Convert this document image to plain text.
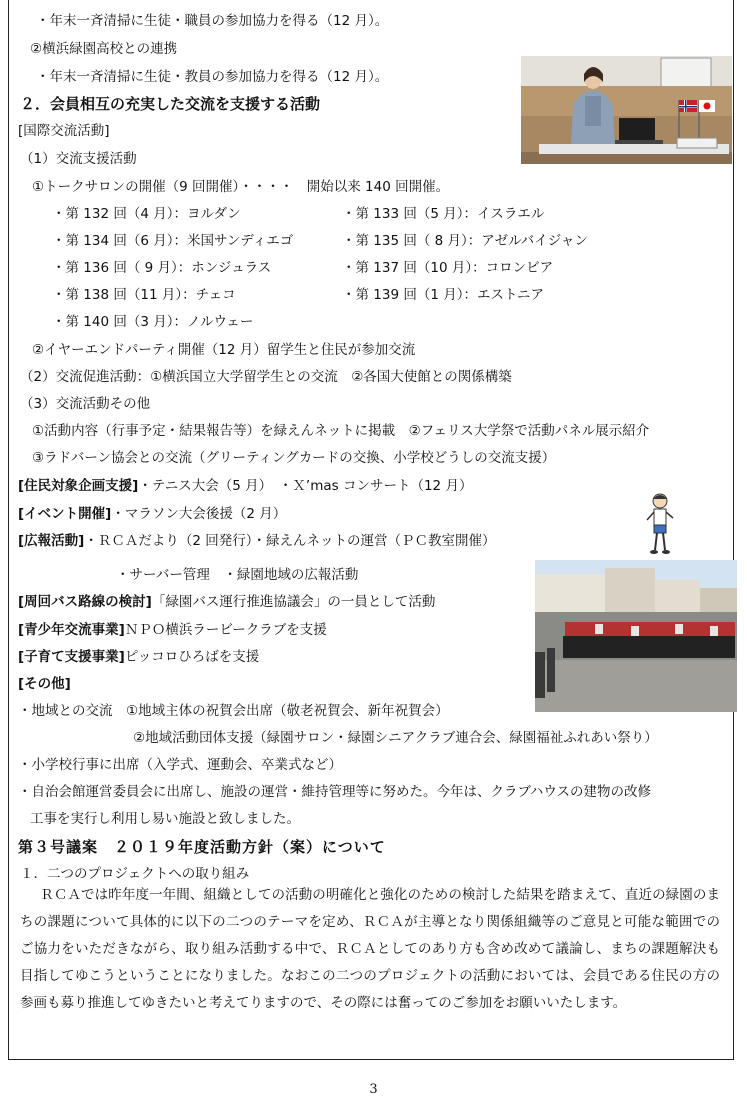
・年末一斉清掃に生徒・職員の参加協力を得る（12 月）。
②横浜緑園高校との連携
・年末一斉清掃に生徒・教員の参加協力を得る（12 月）。
２．会員相互の充実した交流を支援する活動
[国際交流活動]
（1）交流支援活動
①トークサロンの開催（9 回開催）・・・・　開始以来 140 回開催。
・第 132 回（4 月）：ヨルダン	・第 133 回（5 月）：イスラエル
・第 134 回（6 月）：米国サンディエゴ	・第 135 回（ 8 月）：アゼルバイジャン
・第 136 回（ 9 月）：ホンジュラス	・第 137 回（10 月）：コロンビア
・第 138 回（11 月）：チェコ	・第 139 回（1 月）：エストニア
・第 140 回（3 月）：ノルウェー
②イヤーエンドパーティ開催（12 月）留学生と住民が参加交流
（2）交流促進活動：①横浜国立大学留学生との交流　②各国大使館との関係構築
（3）交流活動その他
①活動内容（行事予定・結果報告等）を緑えんネットに掲載　②フェリス大学祭で活動パネル展示紹介
③ラドバーン協会との交流（グリーティングカードの交換、小学校どうしの交流支援）
[住民対象企画支援]・テニス大会（5 月）　・Ｘ’mas コンサート（12 月）
[イベント開催]・マラソン大会後援（2 月）
[広報活動]・ＲＣＡだより（2 回発行）・緑えんネットの運営（ＰＣ教室開催）
・サーバー管理　・緑園地域の広報活動
[周回バス路線の検討]「緑園バス運行推進協議会」の一員として活動
[青少年交流事業]ＮＰＯ横浜ラービークラブを支援
[子育て支援事業]ピッコロひろばを支援
[その他]
・地域との交流　①地域主体の祝賀会出席（敬老祝賀会、新年祝賀会）
②地域活動団体支援（緑園サロン・緑園シニアクラブ連合会、緑園福祉ふれあい祭り）
・小学校行事に出席（入学式、運動会、卒業式など）
・自治会館運営委員会に出席し、施設の運営・維持管理等に努めた。今年は、クラブハウスの建物の改修
工事を実行し利用し易い施設と致しました。
第３号議案　２０１９年度活動方針（案）について
１．二つのプロジェクトへの取り組み
ＲＣＡでは昨年度一年間、組織としての活動の明確化と強化のための検討した結果を踏まえて、直近の緑園のまちの課題について具体的に以下の二つのテーマを定め、ＲＣＡが主導となり関係組織等のご意見と可能な範囲でのご協力をいただきながら、取り組み活動する中で、ＲＣＡとしてのあり方も含め改めて議論し、まちの課題解決も目指してゆこうということになりました。なおこの二つのプロジェクトの活動においては、会員である住民の方の参画も募り推進してゆきたいと考えてりますので、その際には奮ってのご参加をお願いいたします。
3
